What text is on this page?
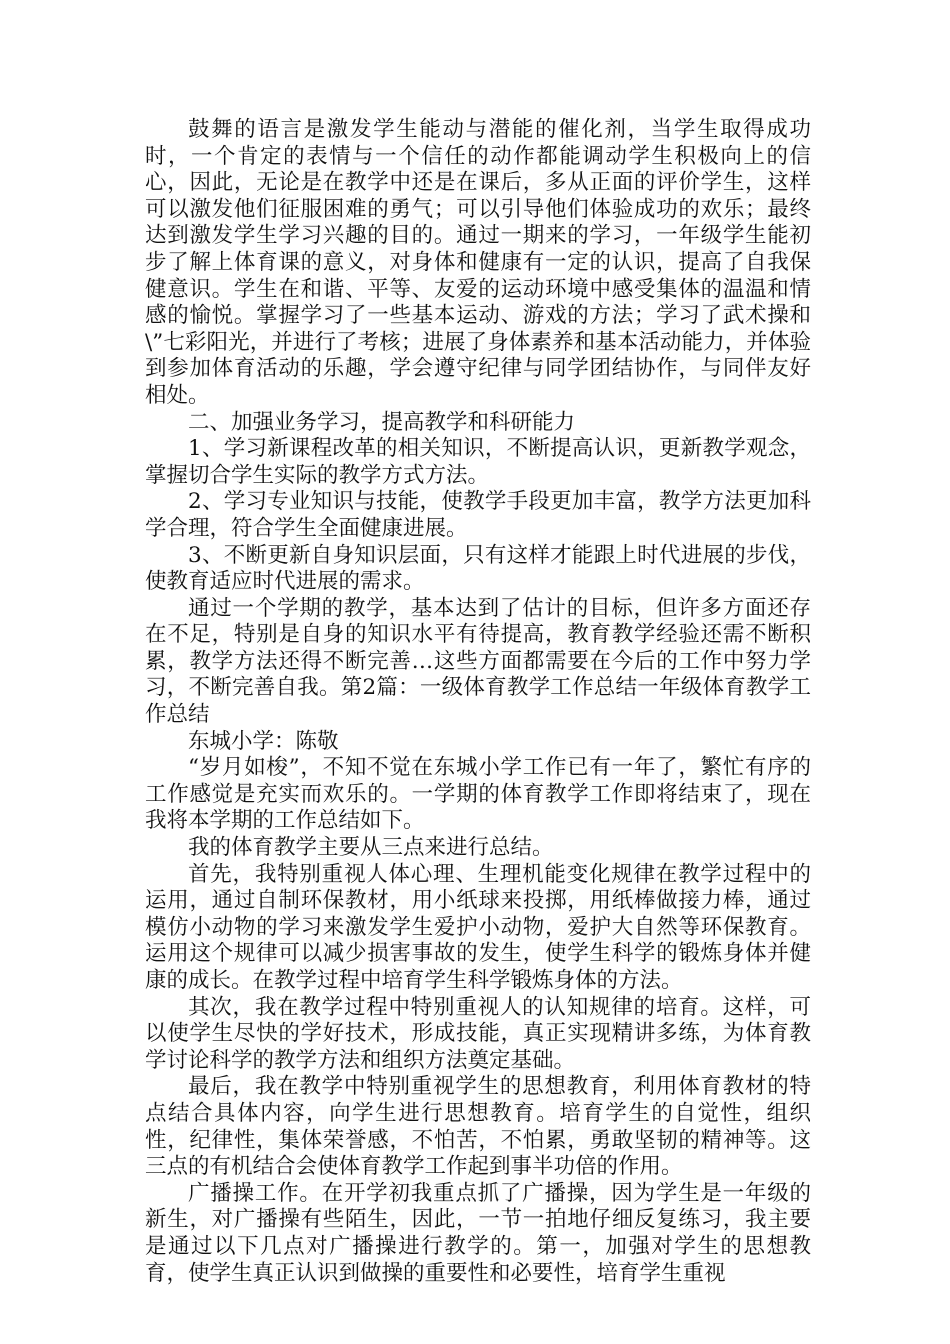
鼓舞的语言是激发学生能动与潜能的催化剂，当学生取得成功时，一个肯定的表情与一个信任的动作都能调动学生积极向上的信心，因此，无论是在教学中还是在课后，多从正面的评价学生，这样可以激发他们征服困难的勇气；可以引导他们体验成功的欢乐；最终达到激发学生学习兴趣的目的。通过一期来的学习，一年级学生能初步了解上体育课的意义，对身体和健康有一定的认识，提高了自我保健意识。学生在和谐、平等、友爱的运动环境中感受集体的温温和情感的愉悦。掌握学习了一些基本运动、游戏的方法；学习了武术操和\”七彩阳光，并进行了考核；进展了身体素养和基本活动能力，并体验到参加体育活动的乐趣，学会遵守纪律与同学团结协作，与同伴友好相处。

二、加强业务学习，提高教学和科研能力

1、学习新课程改革的相关知识，不断提高认识，更新教学观念，掌握切合学生实际的教学方式方法。

2、学习专业知识与技能，使教学手段更加丰富，教学方法更加科学合理，符合学生全面健康进展。

3、不断更新自身知识层面，只有这样才能跟上时代进展的步伐，使教育适应时代进展的需求。

通过一个学期的教学，基本达到了估计的目标，但许多方面还存在不足，特别是自身的知识水平有待提高，教育教学经验还需不断积累，教学方法还得不断完善…这些方面都需要在今后的工作中努力学习，不断完善自我。第2篇：一级体育教学工作总结一年级体育教学工作总结

东城小学：陈敬

“岁月如梭”，不知不觉在东城小学工作已有一年了，繁忙有序的工作感觉是充实而欢乐的。一学期的体育教学工作即将结束了，现在我将本学期的工作总结如下。

我的体育教学主要从三点来进行总结。

首先，我特别重视人体心理、生理机能变化规律在教学过程中的运用，通过自制环保教材，用小纸球来投掷，用纸棒做接力棒，通过模仿小动物的学习来激发学生爱护小动物，爱护大自然等环保教育。运用这个规律可以减少损害事故的发生，使学生科学的锻炼身体并健康的成长。在教学过程中培育学生科学锻炼身体的方法。

其次，我在教学过程中特别重视人的认知规律的培育。这样，可以使学生尽快的学好技术，形成技能，真正实现精讲多练，为体育教学讨论科学的教学方法和组织方法奠定基础。

最后，我在教学中特别重视学生的思想教育，利用体育教材的特点结合具体内容，向学生进行思想教育。培育学生的自觉性，组织性，纪律性，集体荣誉感，不怕苦，不怕累，勇敢坚韧的精神等。这三点的有机结合会使体育教学工作起到事半功倍的作用。

广播操工作。在开学初我重点抓了广播操，因为学生是一年级的新生，对广播操有些陌生，因此，一节一拍地仔细反复练习，我主要是通过以下几点对广播操进行教学的。第一，加强对学生的思想教育，使学生真正认识到做操的重要性和必要性，培育学生重视
